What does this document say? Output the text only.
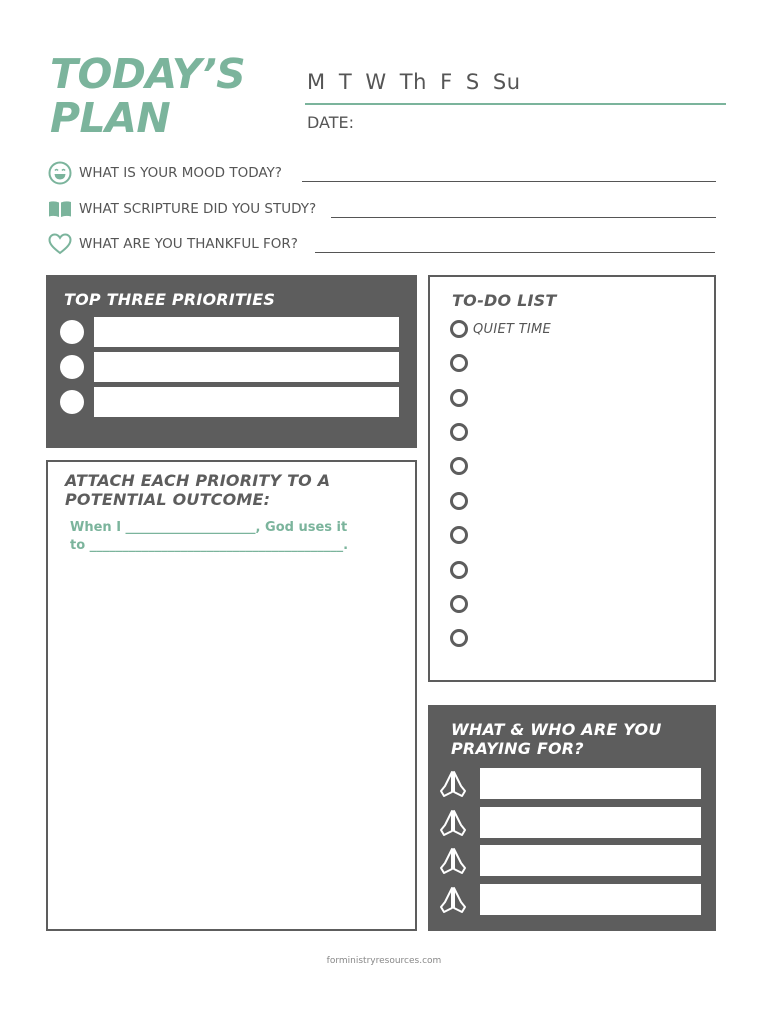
TODAY’S
PLAN
M T W Th F S Su
DATE:
WHAT IS YOUR MOOD TODAY?
WHAT SCRIPTURE DID YOU STUDY?
WHAT ARE YOU THANKFUL FOR?
TOP THREE PRIORITIES
ATTACH EACH PRIORITY TO A POTENTIAL OUTCOME:
When I ____________________, God uses it
to _______________________________________.
TO-DO LIST
QUIET TIME
WHAT & WHO ARE YOU PRAYING FOR?
forministryresources.com
